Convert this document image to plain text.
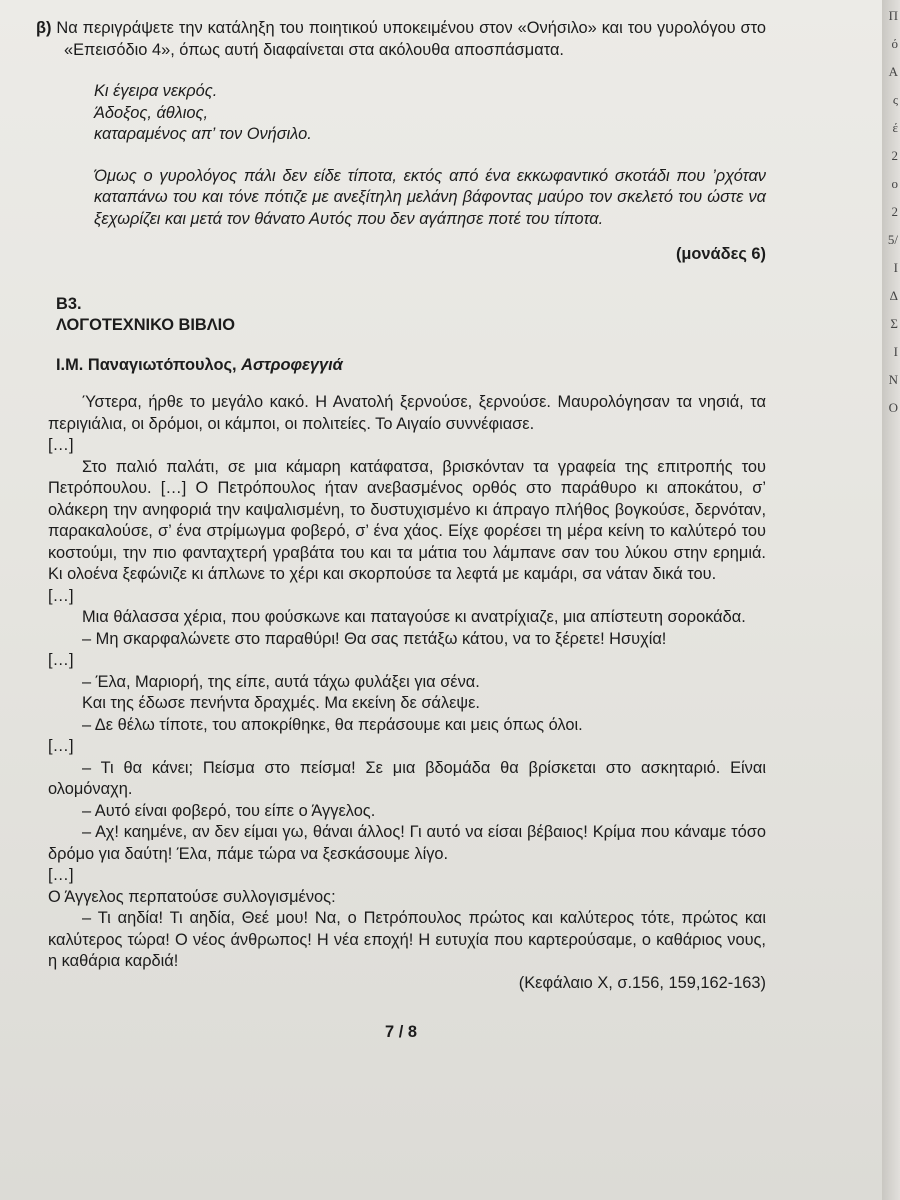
β) Να περιγράψετε την κατάληξη του ποιητικού υποκειμένου στον «Ονήσιλο» και του γυρολόγου στο «Επεισόδιο 4», όπως αυτή διαφαίνεται στα ακόλουθα αποσπάσματα.

Κι έγειρα νεκρός.
Άδοξος, άθλιος,
καταραμένος απ’ τον Ονήσιλο.

Όμως ο γυρολόγος πάλι δεν είδε τίποτα, εκτός από ένα εκκωφαντικό σκοτάδι που ’ρχόταν καταπάνω του και τόνε πότιζε με ανεξίτηλη μελάνη βάφοντας μαύρο τον σκελετό του ώστε να ξεχωρίζει και μετά τον θάνατο Αυτός που δεν αγάπησε ποτέ του τίποτα.

(μονάδες 6)

Β3.
ΛΟΓΟΤΕΧΝΙΚΟ ΒΙΒΛΙΟ
Ι.Μ. Παναγιωτόπουλος, Αστροφεγγιά

Ύστερα, ήρθε το μεγάλο κακό. Η Ανατολή ξερνούσε, ξερνούσε. Μαυρολόγησαν τα νησιά, τα περιγιάλια, οι δρόμοι, οι κάμποι, οι πολιτείες. Το Αιγαίο συννέφιασε.

[…]

Στο παλιό παλάτι, σε μια κάμαρη κατάφατσα, βρισκόνταν τα γραφεία της επιτροπής του Πετρόπουλου. […] Ο Πετρόπουλος ήταν ανεβασμένος ορθός στο παράθυρο κι αποκάτου, σ’ ολάκερη την ανηφοριά την καψαλισμένη, το δυστυχισμένο κι άπραγο πλήθος βογκούσε, δερνόταν, παρακαλούσε, σ’ ένα στρίμωγμα φοβερό, σ’ ένα χάος. Είχε φορέσει τη μέρα κείνη το καλύτερό του κοστούμι, την πιο φανταχτερή γραβάτα του και τα μάτια του λάμπανε σαν του λύκου στην ερημιά. Κι ολοένα ξεφώνιζε κι άπλωνε το χέρι και σκορπούσε τα λεφτά με καμάρι, σα νάταν δικά του.

[…]

Μια θάλασσα χέρια, που φούσκωνε και παταγούσε κι ανατρίχιαζε, μια απίστευτη σοροκάδα.

– Μη σκαρφαλώνετε στο παραθύρι! Θα σας πετάξω κάτου, να το ξέρετε! Ησυχία!

[…]

– Έλα, Μαριορή, της είπε, αυτά τάχω φυλάξει για σένα.

Και της έδωσε πενήντα δραχμές. Μα εκείνη δε σάλεψε.

– Δε θέλω τίποτε, του αποκρίθηκε, θα περάσουμε και μεις όπως όλοι.

[…]

– Τι θα κάνει; Πείσμα στο πείσμα! Σε μια βδομάδα θα βρίσκεται στο ασκηταριό. Είναι ολομόναχη.

– Αυτό είναι φοβερό, του είπε ο Άγγελος.

– Αχ! καημένε, αν δεν είμαι γω, θάναι άλλος! Γι αυτό να είσαι βέβαιος! Κρίμα που κάναμε τόσο δρόμο για δαύτη! Έλα, πάμε τώρα να ξεσκάσουμε λίγο.

[…]

Ο Άγγελος περπατούσε συλλογισμένος:

– Τι αηδία! Τι αηδία, Θεέ μου! Να, ο Πετρόπουλος πρώτος και καλύτερος τότε, πρώτος και καλύτερος τώρα! Ο νέος άνθρωπος! Η νέα εποχή! Η ευτυχία που καρτερούσαμε, ο καθάριος νους, η καθάρια καρδιά!

(Κεφάλαιο Χ, σ.156, 159,162-163)

7 / 8

Π
ό
Α
ς
έ
2
ο
2
5/
Ι
Δ
Σ
Ι
Ν
Ο
